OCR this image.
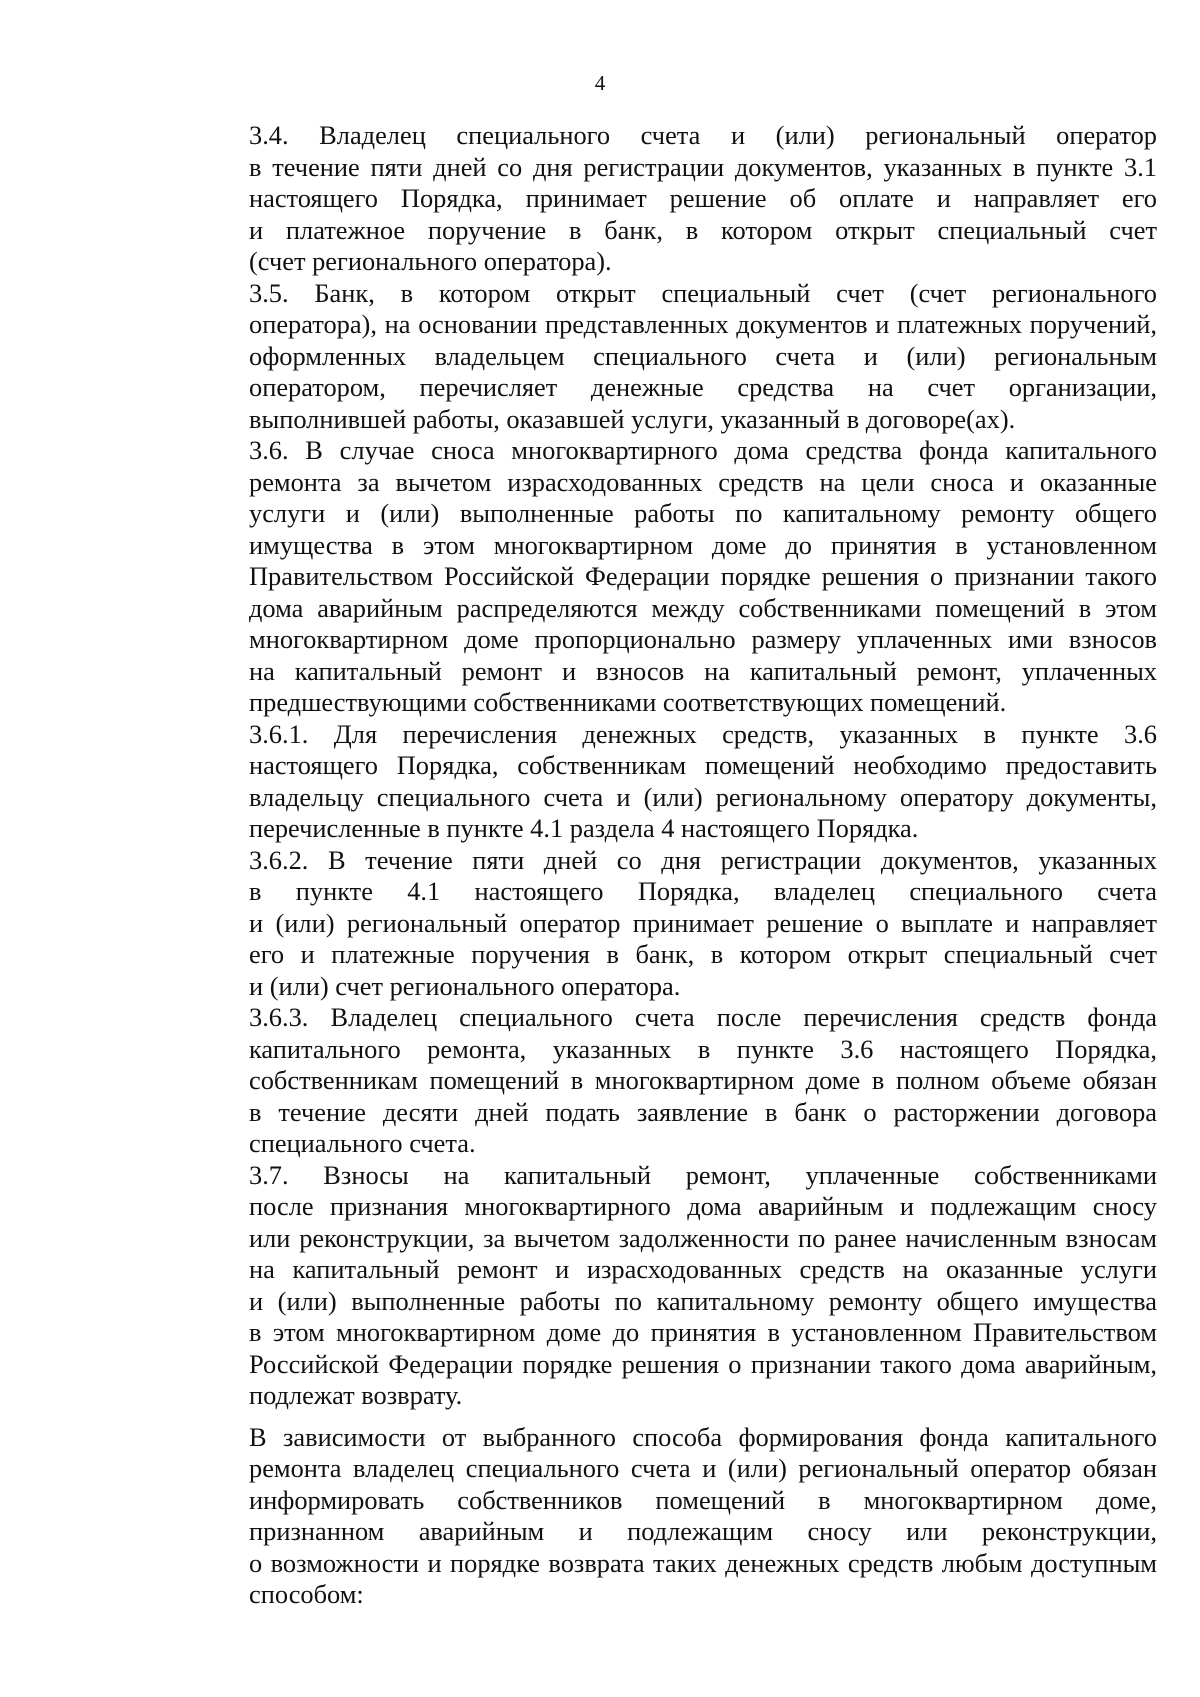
4

3.4. Владелец специального счета и (или) региональный оператор
в течение пяти дней со дня регистрации документов, указанных в пункте 3.1
настоящего Порядка, принимает решение об оплате и направляет его
и платежное поручение в банк, в котором открыт специальный счет
(счет регионального оператора).

3.5. Банк, в котором открыт специальный счет (счет регионального
оператора), на основании представленных документов и платежных поручений,
оформленных владельцем специального счета и (или) региональным
оператором, перечисляет денежные средства на счет организации,
выполнившей работы, оказавшей услуги, указанный в договоре(ах).

3.6. В случае сноса многоквартирного дома средства фонда капитального
ремонта за вычетом израсходованных средств на цели сноса и оказанные
услуги и (или) выполненные работы по капитальному ремонту общего
имущества в этом многоквартирном доме до принятия в установленном
Правительством Российской Федерации порядке решения о признании такого
дома аварийным распределяются между собственниками помещений в этом
многоквартирном доме пропорционально размеру уплаченных ими взносов
на капитальный ремонт и взносов на капитальный ремонт, уплаченных
предшествующими собственниками соответствующих помещений.

3.6.1. Для перечисления денежных средств, указанных в пункте 3.6
настоящего Порядка, собственникам помещений необходимо предоставить
владельцу специального счета и (или) региональному оператору документы,
перечисленные в пункте 4.1 раздела 4 настоящего Порядка.

3.6.2. В течение пяти дней со дня регистрации документов, указанных
в пункте 4.1 настоящего Порядка, владелец специального счета
и (или) региональный оператор принимает решение о выплате и направляет
его и платежные поручения в банк, в котором открыт специальный счет
и (или) счет регионального оператора.

3.6.3. Владелец специального счета после перечисления средств фонда
капитального ремонта, указанных в пункте 3.6 настоящего Порядка,
собственникам помещений в многоквартирном доме в полном объеме обязан
в течение десяти дней подать заявление в банк о расторжении договора
специального счета.

3.7. Взносы на капитальный ремонт, уплаченные собственниками
после признания многоквартирного дома аварийным и подлежащим сносу
или реконструкции, за вычетом задолженности по ранее начисленным взносам
на капитальный ремонт и израсходованных средств на оказанные услуги
и (или) выполненные работы по капитальному ремонту общего имущества
в этом многоквартирном доме до принятия в установленном Правительством
Российской Федерации порядке решения о признании такого дома аварийным,
подлежат возврату.

В зависимости от выбранного способа формирования фонда капитального
ремонта владелец специального счета и (или) региональный оператор обязан
информировать собственников помещений в многоквартирном доме,
признанном аварийным и подлежащим сносу или реконструкции,
о возможности и порядке возврата таких денежных средств любым доступным
способом:
